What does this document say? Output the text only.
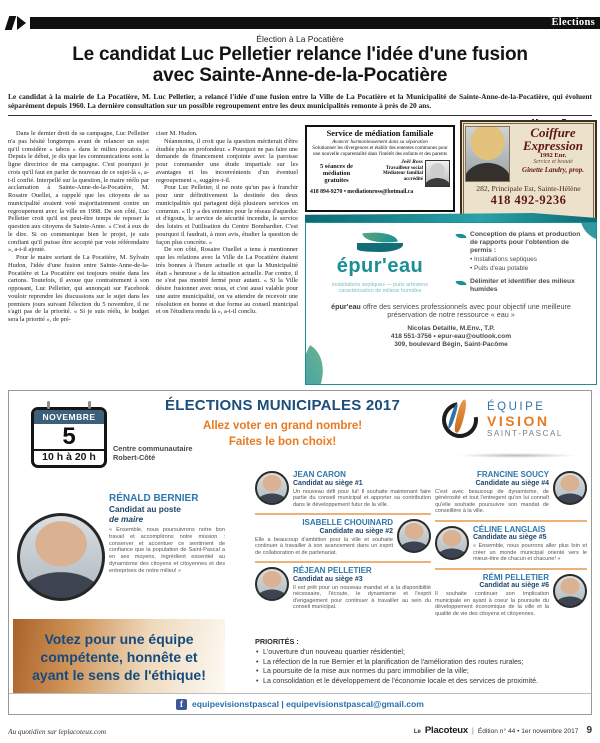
Élections
Élection à La Pocatière
Le candidat Luc Pelletier relance l'idée d'une fusion
avec Sainte-Anne-de-la-Pocatière

Le candidat à la mairie de La Pocatière, M. Luc Pelletier, a relancé l'idée d'une fusion entre la Ville de La Pocatière et la Municipalité de Sainte-Anne-de-la-Pocatière, qui évoluent séparément depuis 1960. La dernière consultation sur un possible regroupement entre les deux municipalités remonte à près de 20 ans.

Dans le dernier droit de sa campagne, Luc Pelletier n'a pas hésité longtemps avant de relancer un sujet qu'il considère « tabou » dans le milieu pocatois. « Depuis le début, je dis que les communications sont la ligne directrice de ma campagne. C'est pourquoi je crois qu'il faut en parler de nouveau de ce sujet-là », a-t-il confié. Interpellé sur la question, le maire réélu par acclamation à Sainte-Anne-de-la-Pocatière, M. Rosaire Ouellet, a rappelé que les citoyens de sa municipalité avaient voté majoritairement contre un regroupement avec la ville en 1998. De son côté, Luc Pelletier croit qu'il est peut-être temps de reposer la question aux citoyens de Sainte-Anne. « C'est à eux de le dire. Si on communique bien le projet, je suis confiant qu'il puisse être accepté par voie référendaire », a-t-il ajouté.

Pour le maire sortant de La Pocatière, M. Sylvain Hudon, l'idée d'une fusion entre Sainte-Anne-de-la-Pocatière et La Pocatière est toujours restée dans les cartons. Toutefois, il avoue que contrairement à son opposant, Luc Pelletier, qui annonçait sur Facebook vouloir reprendre les discussions sur le sujet dans les premiers jours suivant l'élection du 5 novembre, il ne s'agit pas de la priorité. « Si je suis réélu, le budget sera la priorité », de pré-

ciser M. Hudon.

Néanmoins, il croit que la question mériterait d'être étudiée plus en profondeur. « Pourquoi ne pas faire une demande de financement conjointe avec la paroisse pour commander une étude impartiale sur les avantages et les inconvénients d'un éventuel regroupement », suggère-t-il.

Pour Luc Pelletier, il ne reste qu'un pas à franchir pour unir définitivement la destinée des deux municipalités qui partagent déjà plusieurs services en commun. « Il y a des ententes pour le réseau d'aqueduc et d'égouts, le service de sécurité incendie, le service des loisirs et l'utilisation du Centre Bombardier. C'est pourquoi il faudrait, à mon avis, étudier la question de façon plus concrète. »

De son côté, Rosaire Ouellet a tenu à mentionner que les relations avec la Ville de La Pocatière étaient très bonnes à l'heure actuelle et que la Municipalité était « heureuse » de la situation actuelle. Par contre, il ne s'est pas montré fermé pour autant. « Si la Ville désire fusionner avec nous, et c'est aussi valable pour une autre municipalité, on va attendre de recevoir une résolution en bonne et due forme au conseil municipal et on l'étudiera rendu là », a-t-il conclu.

Service de médiation familiale
Avancer harmonieusement dans sa séparation
Solutionner les divergences et établir des ententes communes pour une nouvelle coparentalité dans l'intérêt des enfants et des parents
5 séances de médiation
gratuites
Joël Ross
Travailleur social
Médiateur familial accrédité
418 894-9270 • mediationross@hotmail.ca
Coiffure
Expression
1992 Enr.
Service et beauté
Ginette Landry, prop.
282, Principale Est, Sainte-Hélène
418 492-9236
épur'eau
installations septiques — puits artésiens
caractérisation de milieux humides
Conception de plans et production de rapports pour l'obtention de permis :
• Installations septiques
• Puits d'eau potable
Délimiter et identifier des milieux humides
épur'eau offre des services professionnels avec pour objectif une meilleure préservation de notre ressource « eau »
Nicolas Detaille, M.Env., T.P.
418 551-3756 • epur-eau@outlook.com
309, boulevard Bégin, Saint-Pacôme
NOVEMBRE
5
10 h à 20 h
Centre communautaire
Robert-Côté
ÉLECTIONS MUNICIPALES 2017
Allez voter en grand nombre!
Faites le bon choix!
ÉQUIPE
VISION
SAINT-PASCAL
RÉNALD BERNIER
Candidat au poste
de maire
« Ensemble, nous poursuivrons notre bon travail et accomplirons notre mission : conserver et accentuer ce sentiment de confiance que la population de Saint-Pascal a en ses moyens, ingrédient essentiel au dynamisme des citoyens et citoyennes et des entreprises de notre milieu! »
Votez pour une équipe
compétente, honnête et
ayant le sens de l'éthique!
JEAN CARON
Candidat au siège #1
Un nouveau défi pour lui! Il souhaite maintenant faire partie du conseil municipal et apporter sa contribution dans le développement futur de la ville.
ISABELLE CHOUINARD
Candidate au siège #2
Elle a beaucoup d'ambition pour la ville et souhaite continuer à travailler à son avancement dans un esprit de collaboration et de partenariat.
RÉJEAN PELLETIER
Candidat au siège #3
Il est prêt pour un nouveau mandat et a la disponibilité nécessaire, l'écoute, le dynamisme et l'esprit d'engagement pour continuer à travailler au sein du conseil municipal.
FRANCINE SOUCY
Candidate au siège #4
C'est avec beaucoup de dynamisme, de générosité et tout l'entregent qu'on lui connaît qu'elle souhaite poursuivre son mandat de conseillère à la ville.
CÉLINE LANGLAIS
Candidate au siège #5
« Ensemble, nous pourrons aller plus loin et créer un monde municipal orienté vers le mieux-être de chacun et chacune! »
RÉMI PELLETIER
Candidat au siège #6
Il souhaite continuer son implication municipale en ayant à coeur la poursuite du développement économique de la ville et la qualité de vie des citoyens et citoyennes.
PRIORITÉS :
• L'ouverture d'un nouveau quartier résidentiel;
• La réfection de la rue Bernier et la planification de l'amélioration des routes rurales;
• La poursuite de la mise aux normes du parc immobilier de la ville;
• La consolidation et le développement de l'économie locale et des services de proximité.
f	equipevisionstpascal | equipevisionstpascal@gmail.com
Au quotidien sur leplacoteux.com	Le Placoteux | Édition n° 44 • 1er novembre 2017 9
